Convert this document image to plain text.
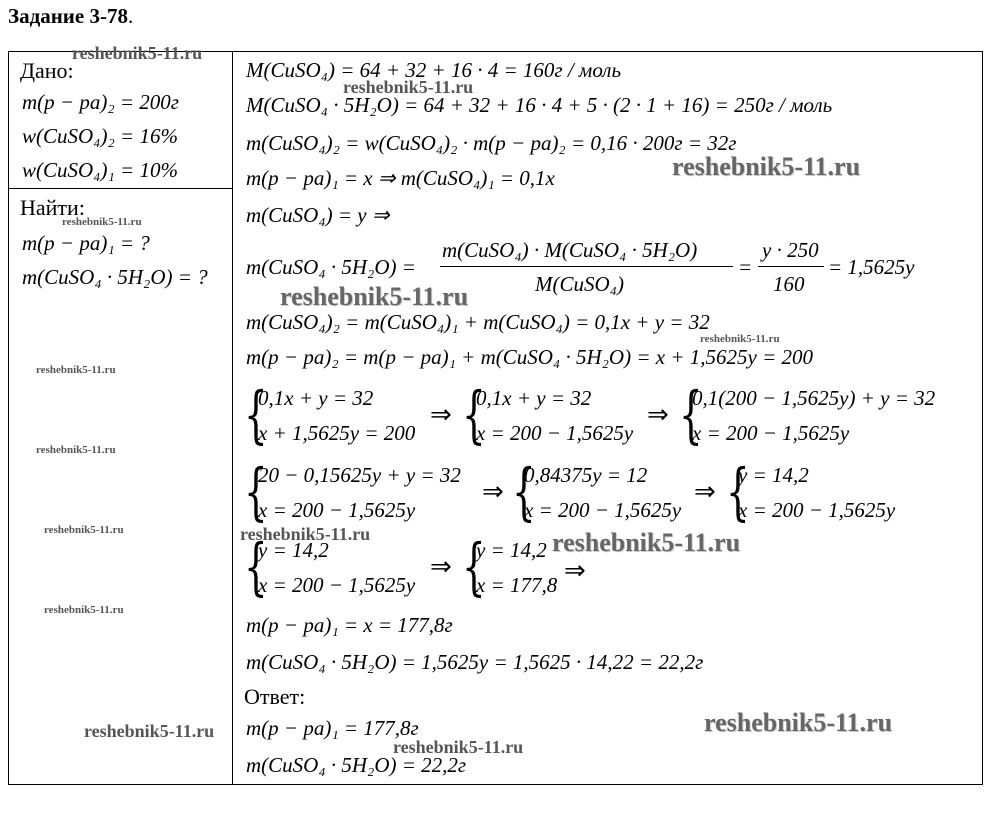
Задание 3-78.
Дано:
m(p − pa)₂ = 200г
w(CuSO₄)₂ = 16%
w(CuSO₄)₁ = 10%
Найти:
m(p − pa)₁ = ?
m(CuSO₄ · 5H₂O) = ?
M(CuSO₄) = 64 + 32 + 16 · 4 = 160г / моль
M(CuSO₄ · 5H₂O) = 64 + 32 + 16 · 4 + 5 · (2 · 1 + 16) = 250г / моль
m(CuSO₄)₂ = w(CuSO₄)₂ · m(p − pa)₂ = 0,16 · 200г = 32г
m(p − pa)₁ = x ⇒ m(CuSO₄)₁ = 0,1x
m(CuSO₄) = y ⇒
m(CuSO₄ · 5H₂O) =
m(CuSO₄) · M(CuSO₄ · 5H₂O)
M(CuSO₄)
=
y · 250
160
= 1,5625y
m(CuSO₄)₂ = m(CuSO₄)₁ + m(CuSO₄) = 0,1x + y = 32
m(p − pa)₂ = m(p − pa)₁ + m(CuSO₄ · 5H₂O) = x + 1,5625y = 200
{
0,1x + y = 32
x + 1,5625y = 200
⇒ {
0,1x + y = 32
x = 200 − 1,5625y
⇒ {
0,1(200 − 1,5625y) + y = 32
x = 200 − 1,5625y
{
20 − 0,15625y + y = 32
x = 200 − 1,5625y
⇒ {
0,84375y = 12
x = 200 − 1,5625y
⇒ {
y = 14,2
x = 200 − 1,5625y
{
y = 14,2
x = 200 − 1,5625y
⇒ {
y = 14,2
x = 177,8 ⇒
m(p − pa)₁ = x = 177,8г
m(CuSO₄ · 5H₂O) = 1,5625y = 1,5625 · 14,22 = 22,2г
Ответ:
m(p − pa)₁ = 177,8г
m(CuSO₄ · 5H₂O) = 22,2г
reshebnik5-11.ru
reshebnik5-11.ru
reshebnik5-11.ru
reshebnik5-11.ru
reshebnik5-11.ru
reshebnik5-11.ru
reshebnik5-11.ru
reshebnik5-11.ru
reshebnik5-11.ru	reshebnik5-11.ru	reshebnik5-11.ru
reshebnik5-11.ru
reshebnik5-11.ru
reshebnik5-11.ru
reshebnik5-11.ru
